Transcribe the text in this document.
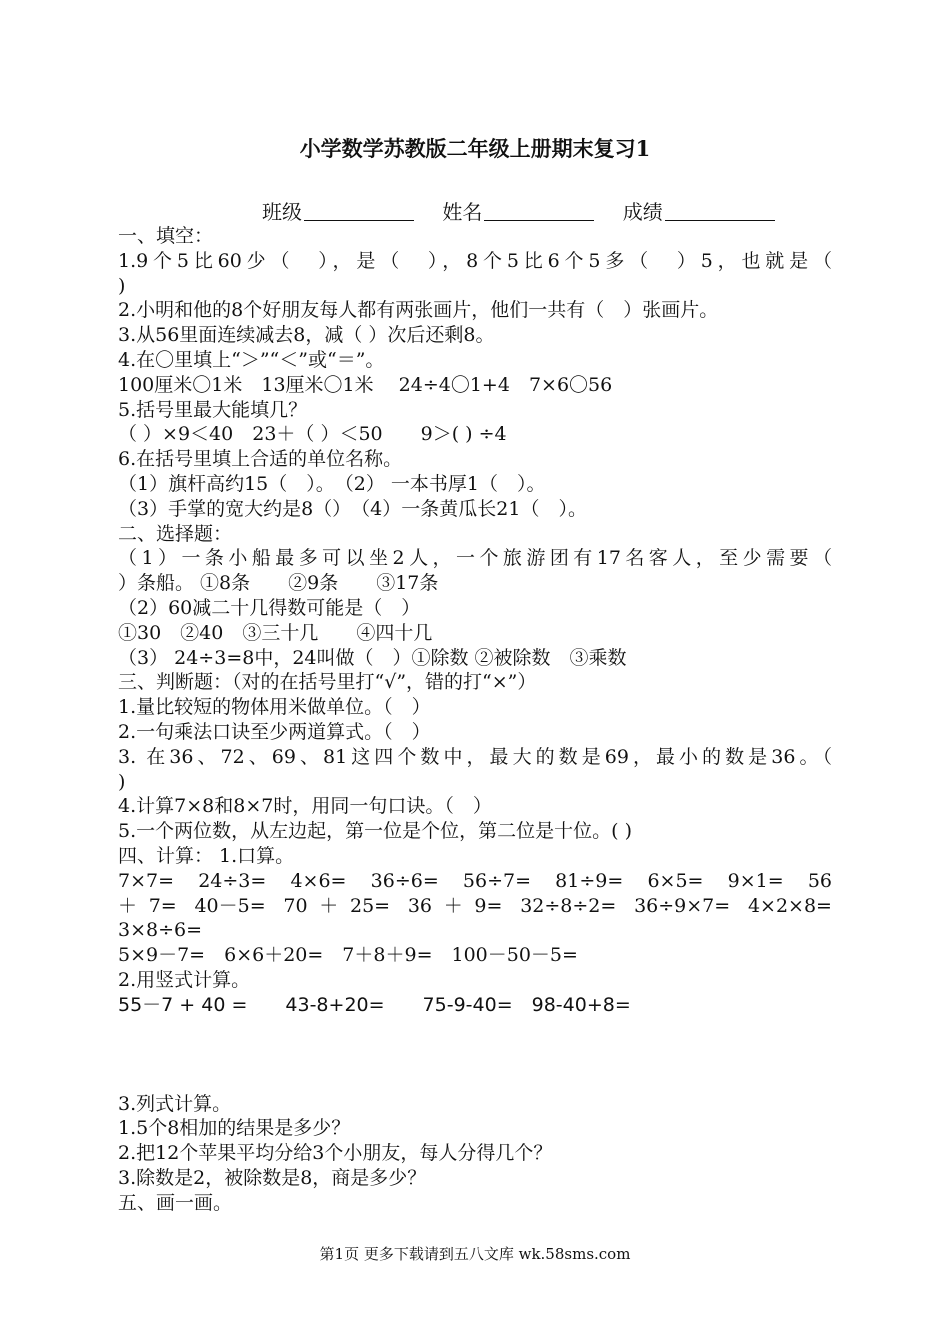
小学数学苏教版二年级上册期末复习1
班级	姓名	成绩
一、填空：
1.9个5比60少（　），是（　），8个5比6个5多（　）5，也就是（
)
2.小明和他的8个好朋友每人都有两张画片，他们一共有（　）张画片。
3.从56里面连续减去8，减（ ）次后还剩8。
4.在〇里填上“＞”“＜”或“＝”。
100厘米〇1米　13厘米〇1米　 24÷4〇1+4　7×6〇56
5.括号里最大能填几？
（ ）×9＜40　23＋（ ）＜50　　9＞( ) ÷4
6.在括号里填上合适的单位名称。
（1）旗杆高约15（　）。　（2） 一本书厚1（　）。
（3）手掌的宽大约是8（）　（4）一条黄瓜长21（　）。
二、选择题：
（1）一条小船最多可以坐2人，一个旅游团有17名客人，至少需要（
）条船。 ①8条　　②9条　　③17条
（2）60减二十几得数可能是（　）
①30　②40　③三十几　　④四十几
（3） 24÷3=8中，24叫做（　）①除数 ②被除数　③乘数
三、判断题：（对的在括号里打“√”，错的打“×”）
1.量比较短的物体用米做单位。（　）
2.一句乘法口诀至少两道算式。（　）
3. 在36、72、69、81这四个数中，最大的数是69，最小的数是36。（
)
4.计算7×8和8×7时，用同一句口诀。（　）
5.一个两位数，从左边起，第一位是个位，第二位是十位。( )
四、计算： 1.口算。
7×7= 24÷3= 4×6= 36÷6= 56÷7= 81÷9= 6×5= 9×1= 56
＋7= 40－5= 70＋25= 36＋9= 32÷8÷2= 36÷9×7= 4×2×8=
3×8÷6=
5×9－7=　6×6＋20=　7＋8＋9=　100－50－5=
2.用竖式计算。
55－7 + 40 =　　43-8+20=　　75-9-40=　98-40+8=
3.列式计算。
1.5个8相加的结果是多少？
2.把12个苹果平均分给3个小朋友，每人分得几个？
3.除数是2，被除数是8，商是多少？
五、画一画。
第1页 更多下载请到五八文库 wk.58sms.com
